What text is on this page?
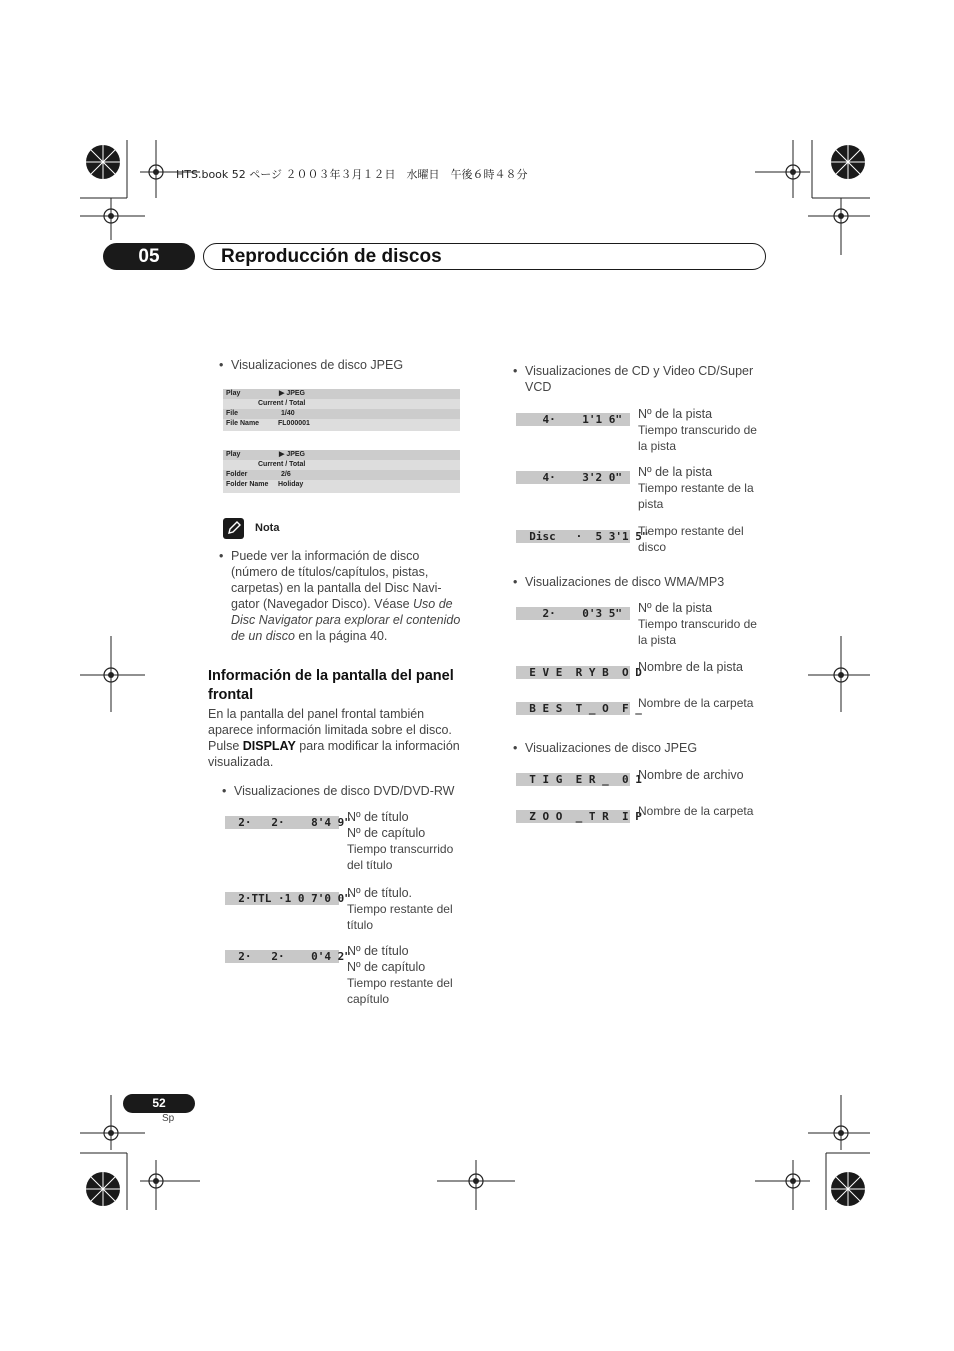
HTS.book 52 ページ ２００３年３月１２日　水曜日　午後６時４８分
05	Reproducción de discos
• Visualizaciones de disco JPEG
Play	▶ JPEG
Current / Total
File	1/40
File Name	FL000001
Play	▶ JPEG
Current / Total
Folder	2/6
Folder Name Holiday
Nota
• Puede ver la información de disco
(número de títulos/capítulos, pistas,
carpetas) en la pantalla del Disc Navi-
gator (Navegador Disco). Véase Uso de
Disc Navigator para explorar el contenido
de un disco en la página 40.
Información de la pantalla del panel
frontal
En la pantalla del panel frontal también
aparece información limitada sobre el disco.
Pulse DISPLAY para modificar la información
visualizada.
• Visualizaciones de disco DVD/DVD-RW
2·   2·    8'4 9"
Nº de título
Nº de capítulo
Tiempo transcurrido
del título
2·TTL ·1 0 7'0 0"
Nº de título.
Tiempo restante del
título
2·   2·    0'4 2"
Nº de título
Nº de capítulo
Tiempo restante del
capítulo
• Visualizaciones de CD y Video CD/Super
VCD
4·    1'1 6"	Nº de la pista
Tiempo transcurido de
la pista
4·    3'2 0"	Nº de la pista
Tiempo restante de la
pista
Disc   ·  5 3'1 5"
Tiempo restante del
disco
• Visualizaciones de disco WMA/MP3
2·    0'3 5"	Nº de la pista
Tiempo transcurido de
la pista
E V E  R Y B  O D
Nombre de la pista
B E S  T _ O  F _
Nombre de la carpeta
• Visualizaciones de disco JPEG
T I G  E R _  0 1
Nombre de archivo
Z O O  _ T R  I P
Nombre de la carpeta
52
Sp
